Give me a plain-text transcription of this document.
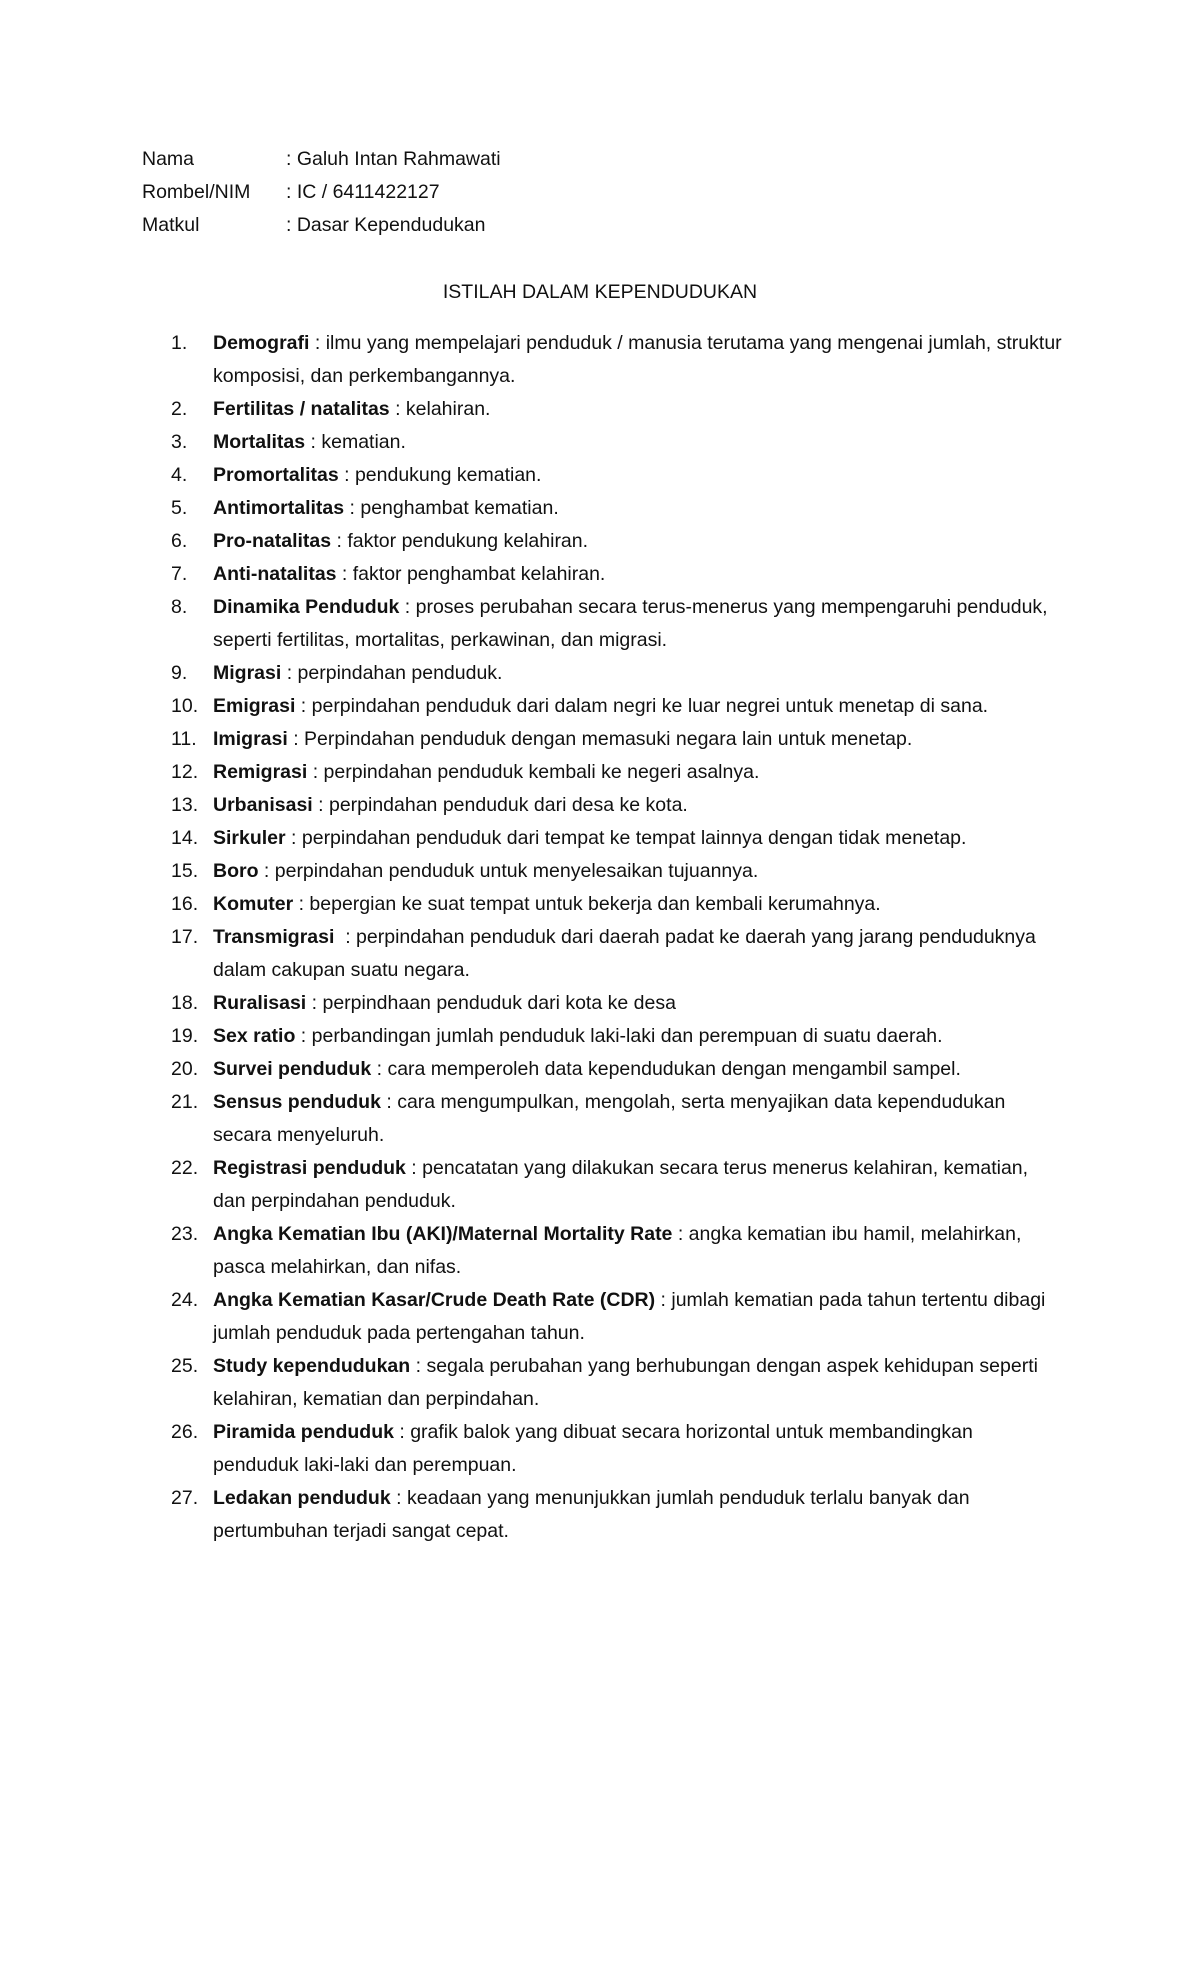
Nama	: Galuh Intan Rahmawati
Rombel/NIM	: IC / 6411422127
Matkul	: Dasar Kependudukan
ISTILAH DALAM KEPENDUDUKAN
1.	Demografi : ilmu yang mempelajari penduduk / manusia terutama yang mengenai jumlah, struktur komposisi, dan perkembangannya.
2.	Fertilitas / natalitas : kelahiran.
3.	Mortalitas : kematian.
4.	Promortalitas : pendukung kematian.
5.	Antimortalitas : penghambat kematian.
6.	Pro-natalitas : faktor pendukung kelahiran.
7.	Anti-natalitas : faktor penghambat kelahiran.
8.	Dinamika Penduduk : proses perubahan secara terus-menerus yang mempengaruhi penduduk, seperti fertilitas, mortalitas, perkawinan, dan migrasi.
9.	Migrasi : perpindahan penduduk.
10. Emigrasi : perpindahan penduduk dari dalam negri ke luar negrei untuk menetap di sana.
11. Imigrasi : Perpindahan penduduk dengan memasuki negara lain untuk menetap.
12. Remigrasi : perpindahan penduduk kembali ke negeri asalnya.
13. Urbanisasi : perpindahan penduduk dari desa ke kota.
14. Sirkuler : perpindahan penduduk dari tempat ke tempat lainnya dengan tidak menetap.
15. Boro : perpindahan penduduk untuk menyelesaikan tujuannya.
16. Komuter : bepergian ke suat tempat untuk bekerja dan kembali kerumahnya.
17. Transmigrasi  : perpindahan penduduk dari daerah padat ke daerah yang jarang penduduknya dalam cakupan suatu negara.
18. Ruralisasi : perpindhaan penduduk dari kota ke desa
19. Sex ratio : perbandingan jumlah penduduk laki-laki dan perempuan di suatu daerah.
20. Survei penduduk : cara memperoleh data kependudukan dengan mengambil sampel.
21. Sensus penduduk : cara mengumpulkan, mengolah, serta menyajikan data kependudukan secara menyeluruh.
22. Registrasi penduduk : pencatatan yang dilakukan secara terus menerus kelahiran, kematian, dan perpindahan penduduk.
23. Angka Kematian Ibu (AKI)/Maternal Mortality Rate : angka kematian ibu hamil, melahirkan, pasca melahirkan, dan nifas.
24. Angka Kematian Kasar/Crude Death Rate (CDR) : jumlah kematian pada tahun tertentu dibagi jumlah penduduk pada pertengahan tahun.
25. Study kependudukan : segala perubahan yang berhubungan dengan aspek kehidupan seperti kelahiran, kematian dan perpindahan.
26. Piramida penduduk : grafik balok yang dibuat secara horizontal untuk membandingkan penduduk laki-laki dan perempuan.
27. Ledakan penduduk : keadaan yang menunjukkan jumlah penduduk terlalu banyak dan pertumbuhan terjadi sangat cepat.
